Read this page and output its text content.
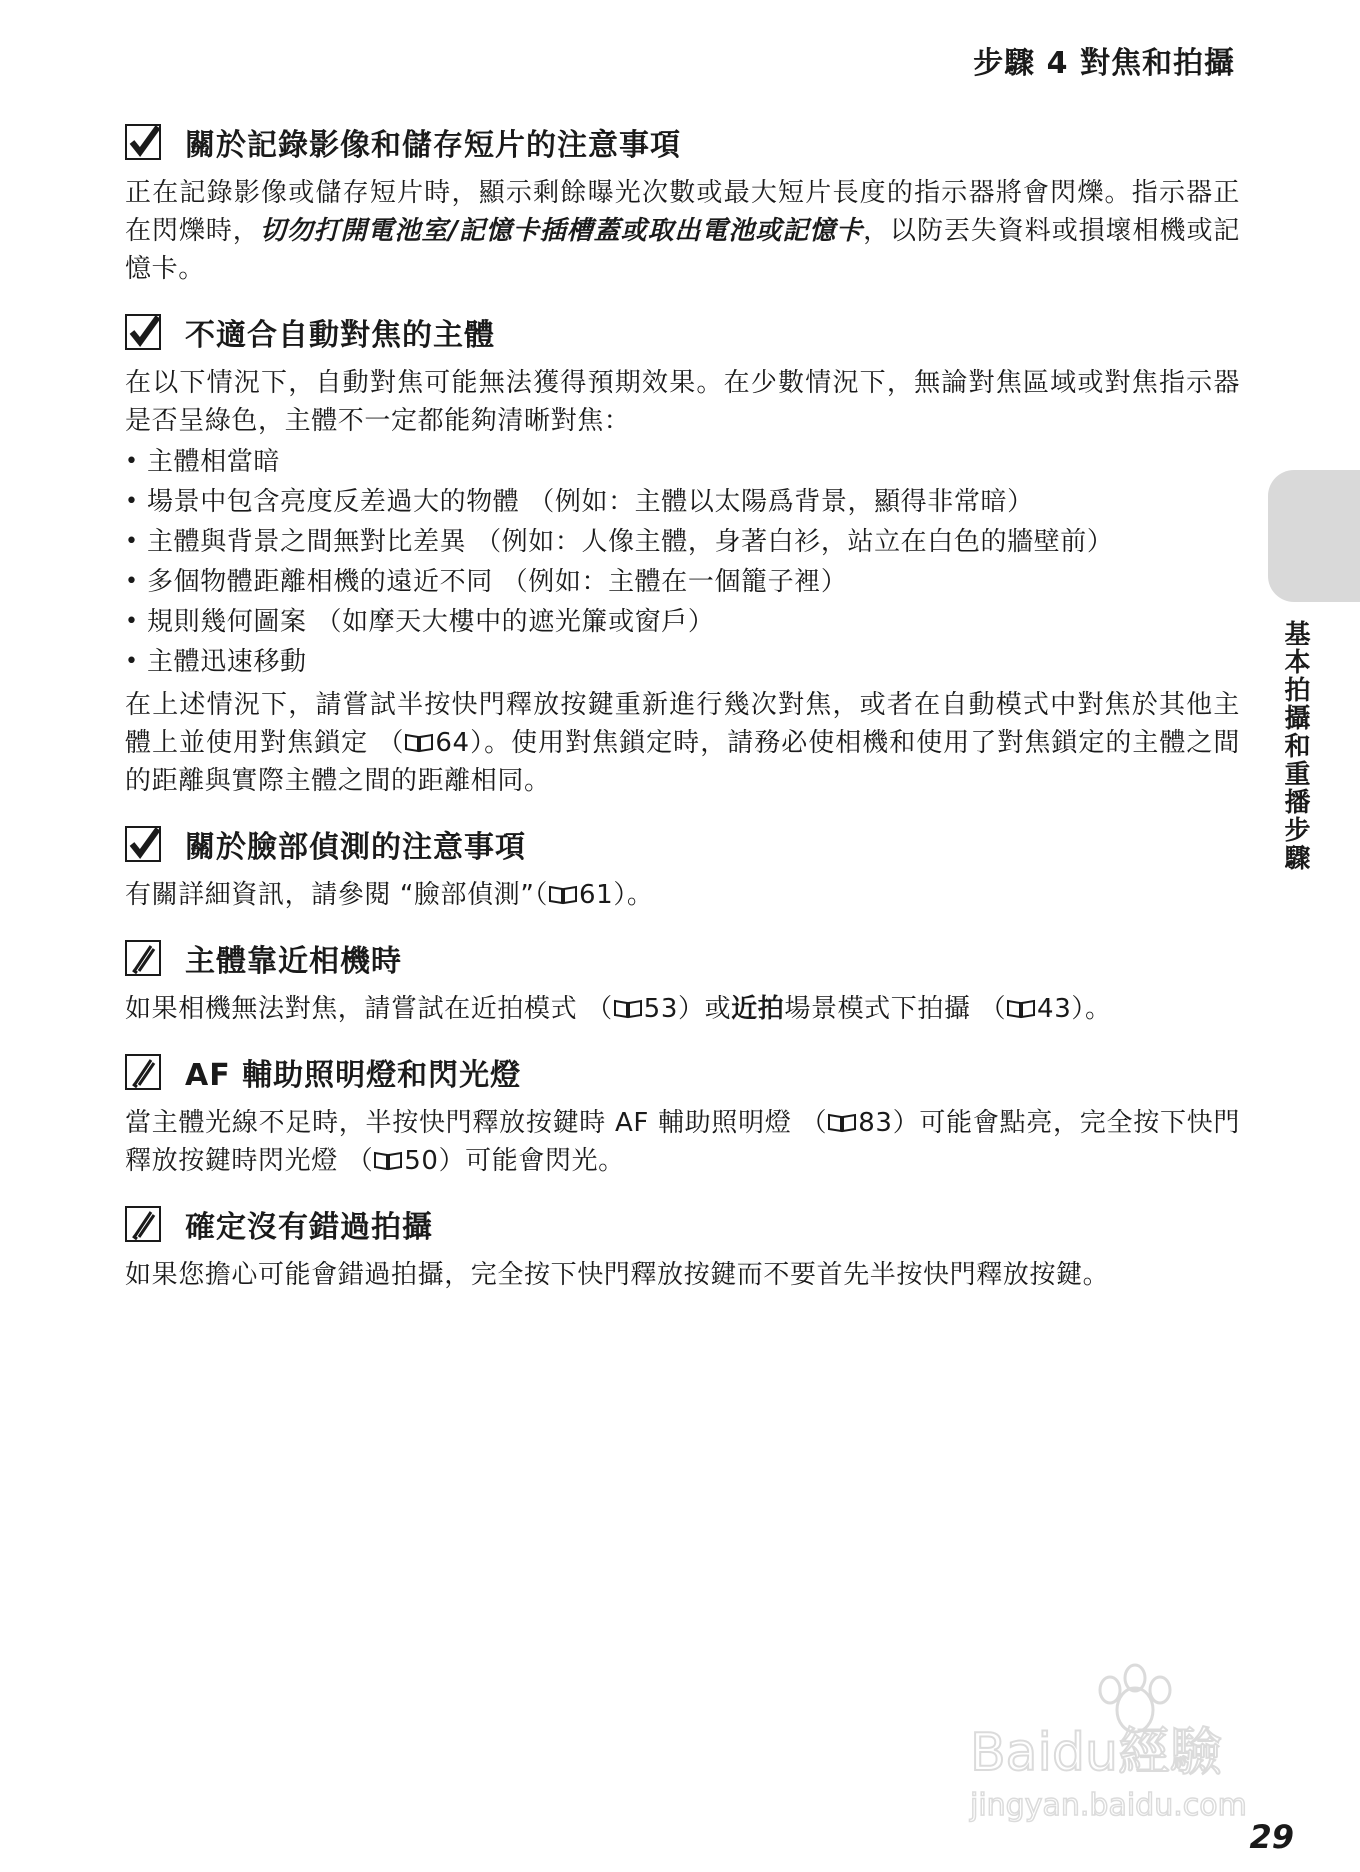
步驟 4 對焦和拍攝
關於記錄影像和儲存短片的注意事項

正在記錄影像或儲存短片時，顯示剩餘曝光次數或最大短片長度的指示器將會閃爍。指示器正在閃爍時，切勿打開電池室/記憶卡插槽蓋或取出電池或記憶卡，以防丟失資料或損壞相機或記憶卡。

不適合自動對焦的主體

在以下情況下，自動對焦可能無法獲得預期效果。在少數情況下，無論對焦區域或對焦指示器是否呈綠色，主體不一定都能夠清晰對焦：

• 主體相當暗
• 場景中包含亮度反差過大的物體 （例如：主體以太陽爲背景，顯得非常暗）
• 主體與背景之間無對比差異 （例如：人像主體，身著白衫，站立在白色的牆壁前）
• 多個物體距離相機的遠近不同 （例如：主體在一個籠子裡）
• 規則幾何圖案 （如摩天大樓中的遮光簾或窗戶）
• 主體迅速移動

在上述情況下，請嘗試半按快門釋放按鍵重新進行幾次對焦，或者在自動模式中對焦於其他主體上並使用對焦鎖定 （ 64）。使用對焦鎖定時，請務必使相機和使用了對焦鎖定的主體之間的距離與實際主體之間的距離相同。

關於臉部偵測的注意事項

有關詳細資訊，請參閱 “臉部偵測”（ 61）。

主體靠近相機時

如果相機無法對焦，請嘗試在近拍模式 （ 53）或近拍場景模式下拍攝 （ 43）。

AF 輔助照明燈和閃光燈

當主體光線不足時，半按快門釋放按鍵時 AF 輔助照明燈 （ 83）可能會點亮，完全按下快門釋放按鍵時閃光燈 （ 50）可能會閃光。

確定沒有錯過拍攝

如果您擔心可能會錯過拍攝，完全按下快門釋放按鍵而不要首先半按快門釋放按鍵。

基本拍攝和重播步驟
Baidu經驗
jingyan.baidu.com
29
